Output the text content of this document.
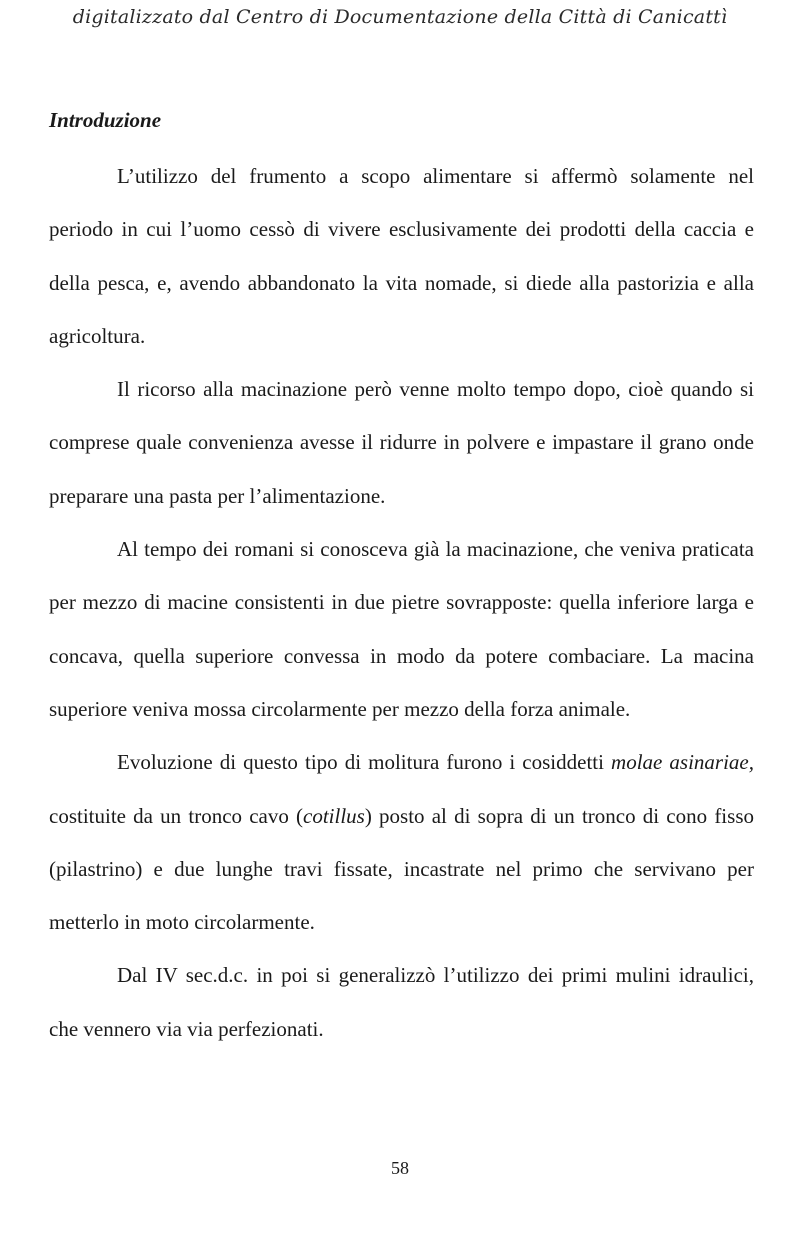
digitalizzato dal Centro di Documentazione della Città di Canicattì
Introduzione

L’utilizzo del frumento a scopo alimentare si affermò solamente nel periodo in cui l’uomo cessò di vivere esclusivamente dei prodotti della caccia e della pesca, e, avendo abbandonato la vita nomade, si diede alla pastorizia e alla agricoltura.

Il ricorso alla macinazione però venne molto tempo dopo, cioè quando si comprese quale convenienza avesse il ridurre in polvere e impastare il grano onde preparare una pasta per l’alimentazione.

Al tempo dei romani si conosceva già la macinazione, che veniva praticata per mezzo di macine consistenti in due pietre sovrapposte: quella inferiore larga e concava, quella superiore convessa in modo da potere combaciare. La macina superiore veniva mossa circolarmente per mezzo della forza animale.

Evoluzione di questo tipo di molitura furono i cosiddetti molae asinariae, costituite da un tronco cavo (cotillus) posto al di sopra di un tronco di cono fisso (pilastrino) e due lunghe travi fissate, incastrate nel primo che servivano per metterlo in moto circolarmente.

Dal IV sec.d.c. in poi si generalizzò l’utilizzo dei primi mulini idraulici, che vennero via via perfezionati.

58
